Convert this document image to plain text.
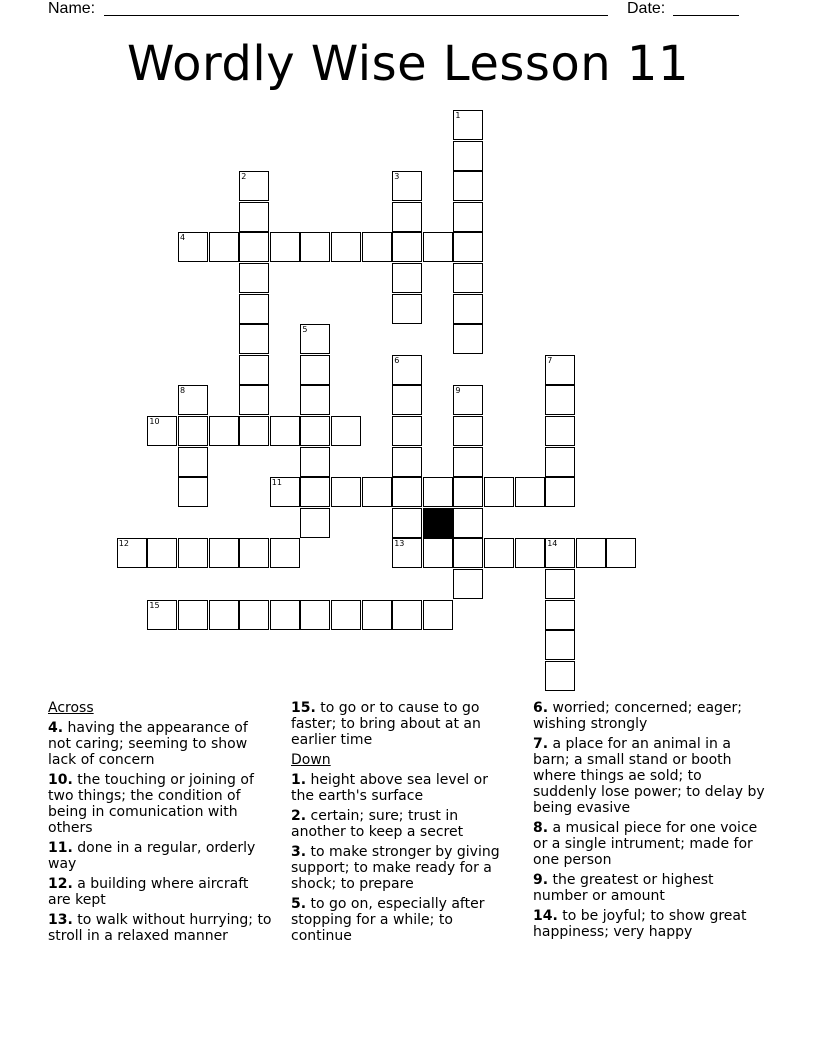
Name:	Date:
Wordly Wise Lesson 11
4
10
11
12	13	14
15
1
2	3
5
6	7
8	9
Across
4. having the appearance of not caring; seeming to show lack of concern
10. the touching or joining of two things; the condition of being in comunication with others
11. done in a regular, orderly way
12. a building where aircraft are kept
13. to walk without hurrying; to stroll in a relaxed manner
15. to go or to cause to go faster; to bring about at an earlier time
Down
1. height above sea level or the earth's surface
2. certain; sure; trust in another to keep a secret
3. to make stronger by giving support; to make ready for a shock; to prepare
5. to go on, especially after stopping for a while; to continue
6. worried; concerned; eager; wishing strongly
7. a place for an animal in a barn; a small stand or booth where things ae sold; to suddenly lose power; to delay by being evasive
8. a musical piece for one voice or a single intrument; made for one person
9. the greatest or highest number or amount
14. to be joyful; to show great happiness; very happy
